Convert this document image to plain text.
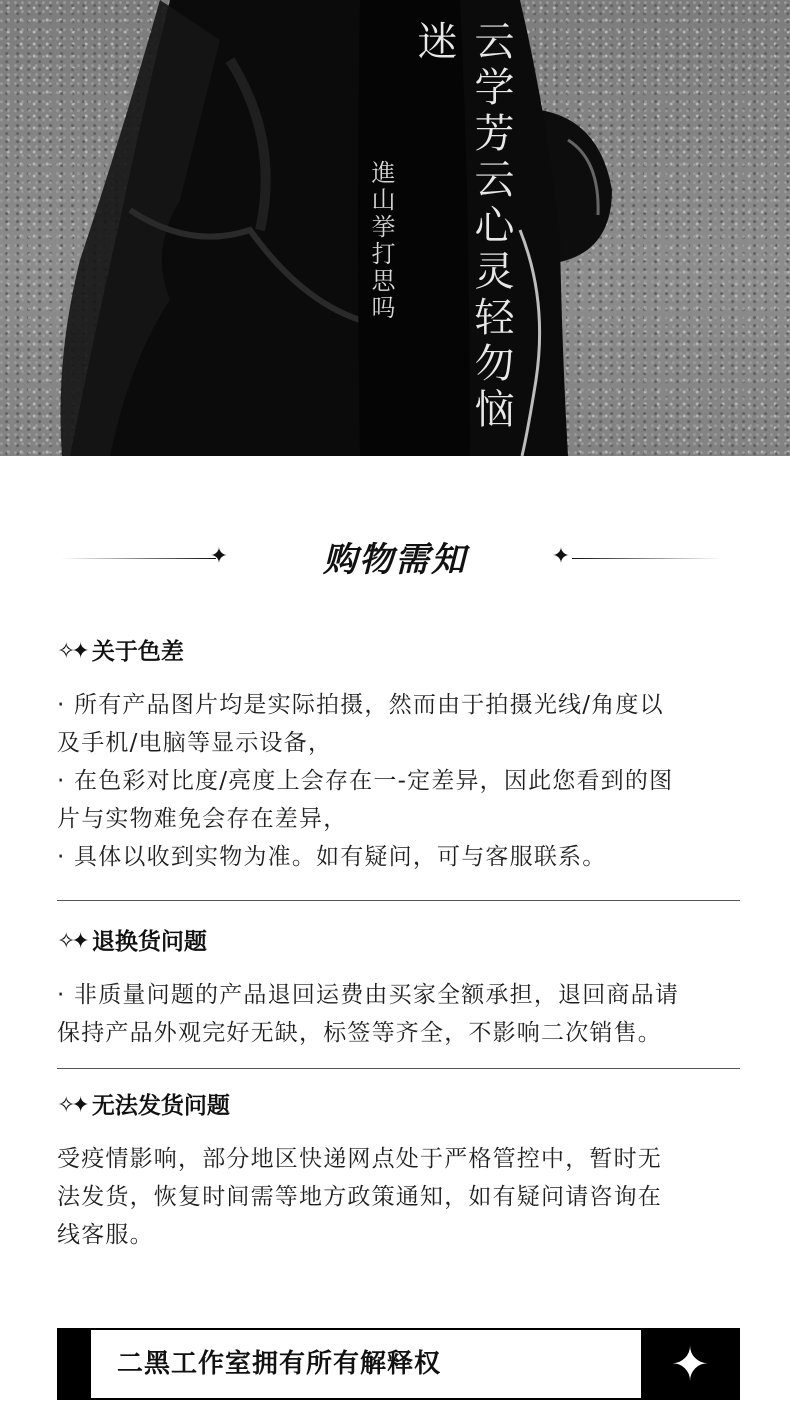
云学芳云心灵轻勿恼迷
進山挙打思吗
✦	购物需知	✦
✧✦ 关于色差

· 所有产品图片均是实际拍摄，然而由于拍摄光线/角度以

及手机/电脑等显示设备，

· 在色彩对比度/亮度上会存在一-定差异，因此您看到的图

片与实物难免会存在差异，

· 具体以收到实物为准。如有疑问，可与客服联系。

✧✦ 退换货问题

· 非质量问题的产品退回运费由买家全额承担，退回商品请

保持产品外观完好无缺，标签等齐全，不影响二次销售。

✧✦ 无法发货问题

受疫情影响，部分地区快递网点处于严格管控中，暂时无

法发货，恢复时间需等地方政策通知，如有疑问请咨询在

线客服。

二黑工作室拥有所有解释权	✦
